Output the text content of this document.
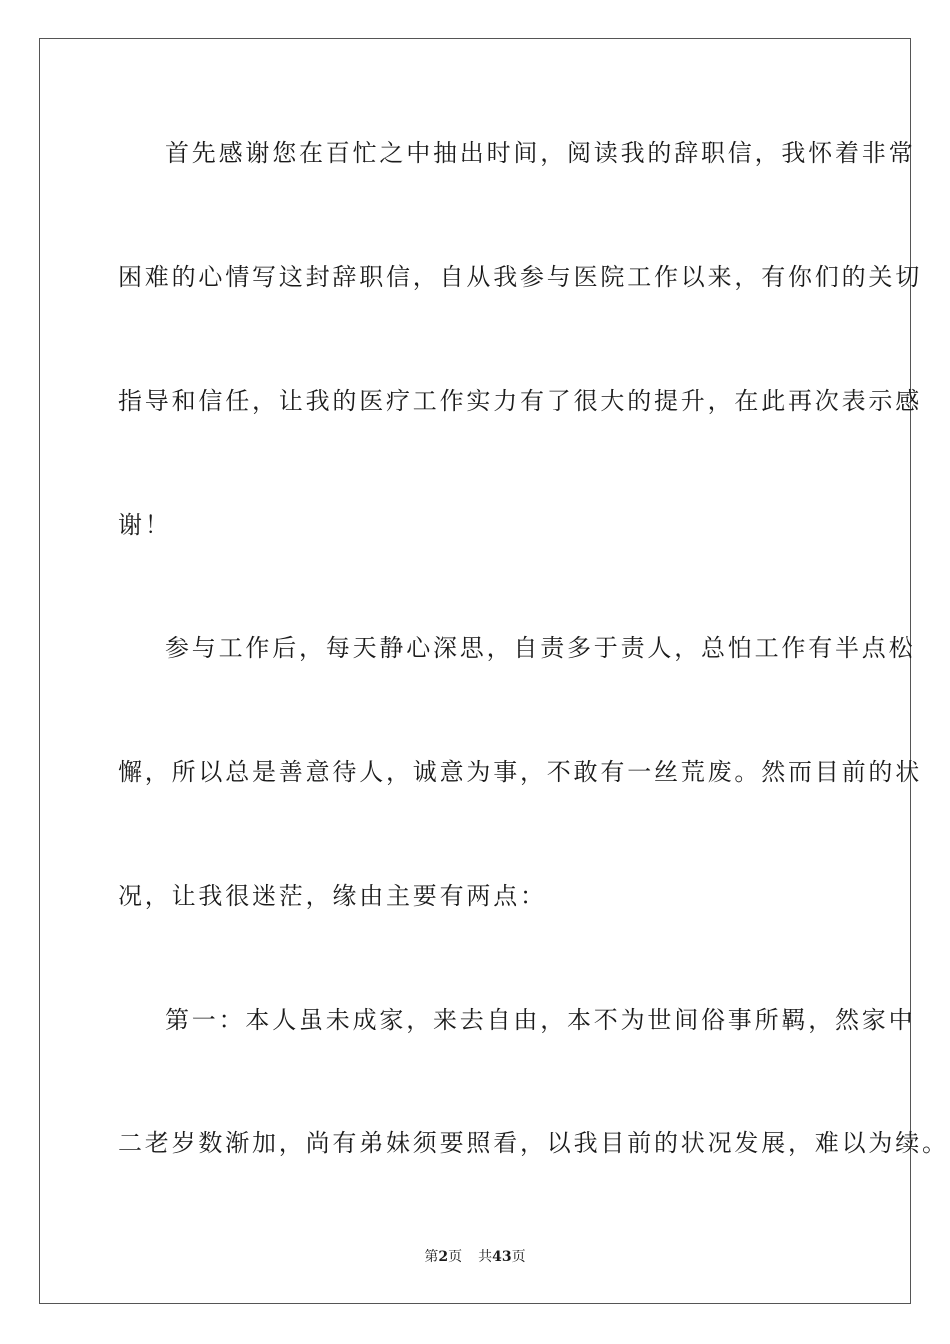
首先感谢您在百忙之中抽出时间，阅读我的辞职信，我怀着非常
困难的心情写这封辞职信，自从我参与医院工作以来，有你们的关切
指导和信任，让我的医疗工作实力有了很大的提升，在此再次表示感
谢！
参与工作后，每天静心深思，自责多于责人，总怕工作有半点松
懈，所以总是善意待人，诚意为事，不敢有一丝荒废。然而目前的状
况，让我很迷茫，缘由主要有两点：
第一：本人虽未成家，来去自由，本不为世间俗事所羁，然家中
二老岁数渐加，尚有弟妹须要照看，以我目前的状况发展，难以为续。
第2页 共43页
